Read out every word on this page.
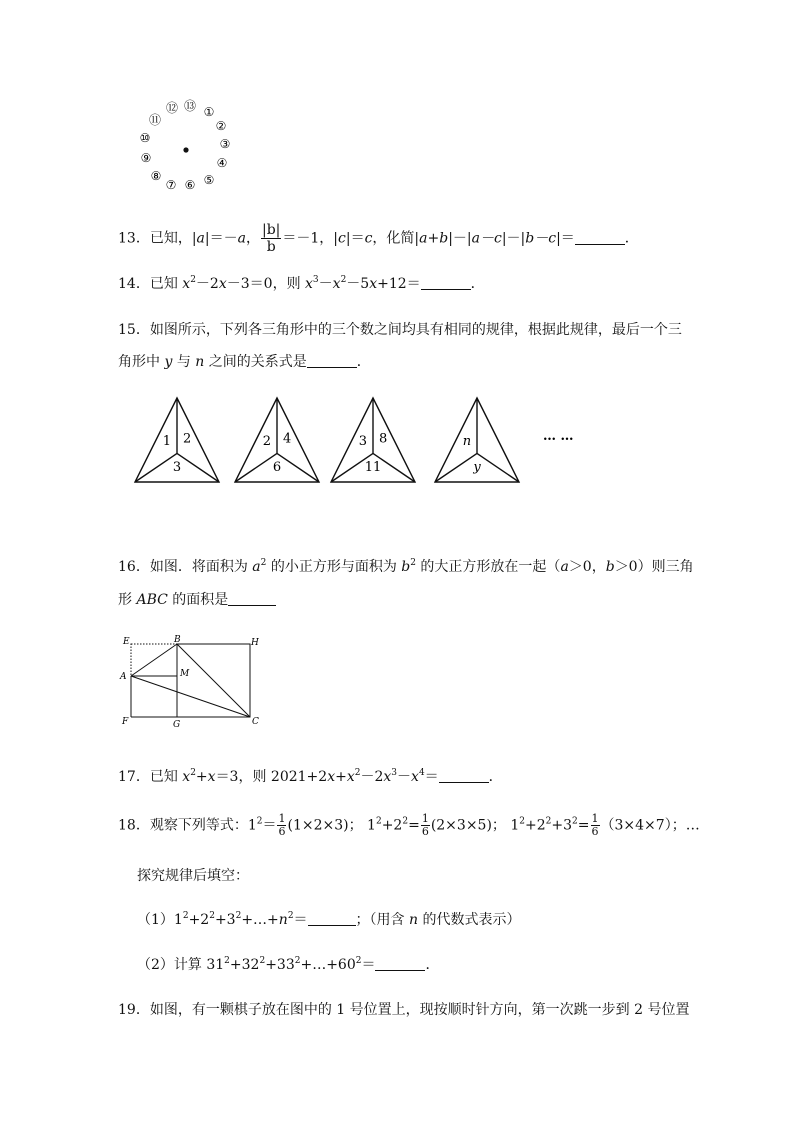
①
②
③
④
⑤
⑥
⑦
⑧
⑨
⑩
⑪
⑫ ⑬
13．已知，|a|＝－a， $\frac{|b|}{b} =-1$，|c|＝c，化简|a+b|－|a－c|－|b－c|＝	．
14．已知 $x^2-2x-3=0$，则 $x^3-x^2-5x+12=$	．
15．如图所示，下列各三角形中的三个数之间均具有相同的规律，根据此规律，最后一个三
角形中 y 与 n 之间的关系式是	．
1 2
3
2 4
6
3 8
11
n
y
… …
16．如图．将面积为 $a^2$ 的小正方形与面积为 $b^2$ 的大正方形放在一起（a＞0，b＞0）则三角
形 ABC 的面积是
E	B	H
A	M
F	G	C
17．已知 $x^2+x=3$，则 $2021+2x+x^2-2x^3-x^4=$	．
18．观察下列等式：$1^2= \frac{1}{6} (1\times 2\times 3)$； $1^2+2^2= \frac{1}{6} (2\times 3\times 5)$； $1^2+2^2+3^2= \frac{1}{6} (3\times 4\times 7)$；…
探究规律后填空：
$(1)1^2+2^2+3^2+\dots+n^2=$	；（用含 n 的代数式表示）
（2）计算 $31^2+32^2+33^2+\dots+60^2=$	．
19．如图，有一颗棋子放在图中的 1 号位置上，现按顺时针方向，第一次跳一步到 2 号位置
